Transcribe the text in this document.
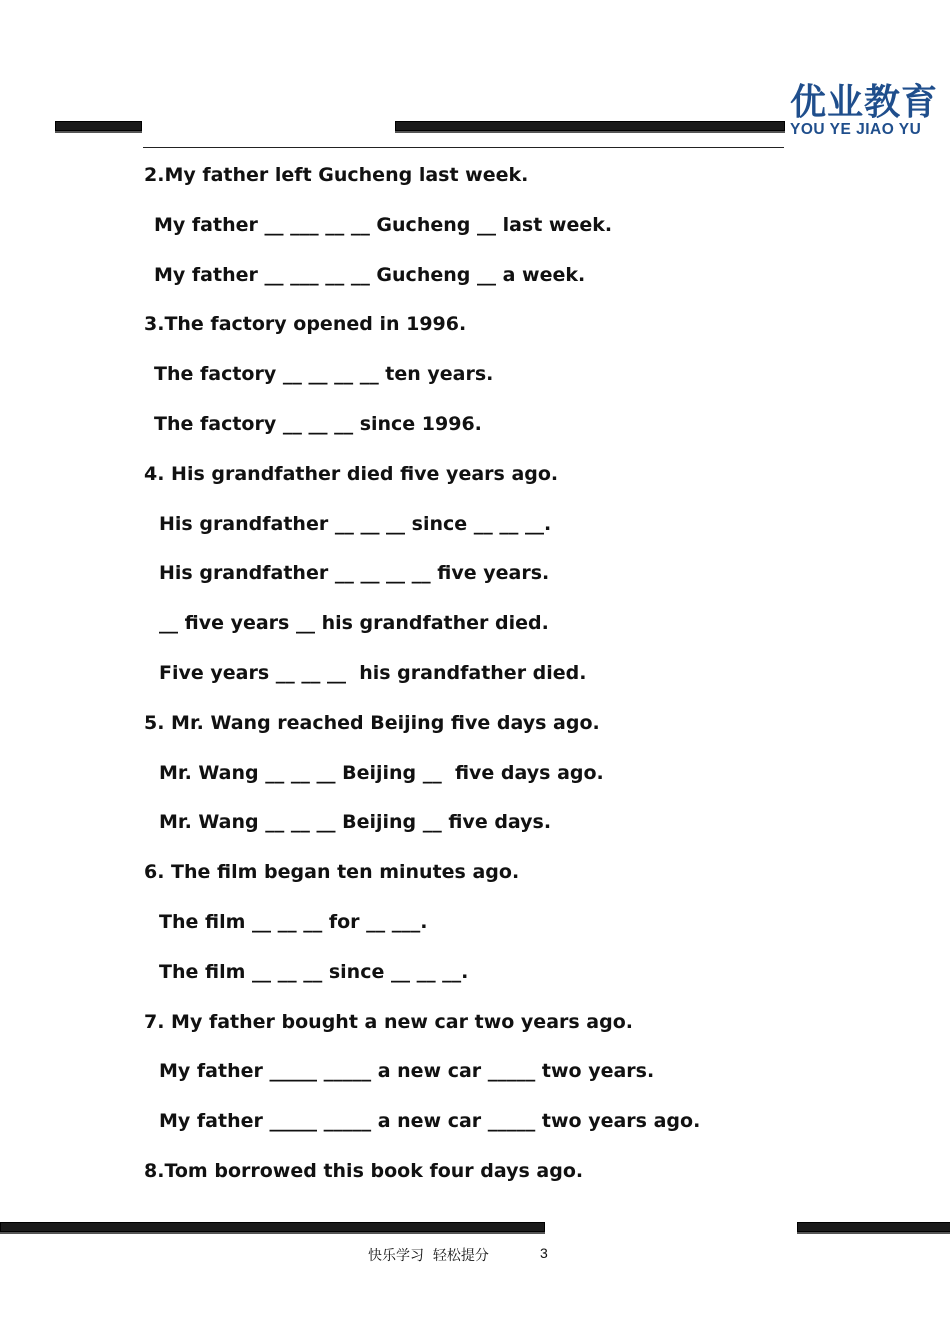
优业教育
YOU YE JIAO YU
2.My father left Gucheng last week.
My father __ ___ __ __ Gucheng __ last week.
My father __ ___ __ __ Gucheng __ a week.
3.The factory opened in 1996.
The factory __ __ __ __ ten years.
The factory __ __ __ since 1996.
4. His grandfather died five years ago.
His grandfather __ __ __ since __ __ __.
His grandfather __ __ __ __ five years.
__ five years __ his grandfather died.
Five years __ __ __  his grandfather died.
5. Mr. Wang reached Beijing five days ago.
Mr. Wang __ __ __ Beijing __  five days ago.
Mr. Wang __ __ __ Beijing __ five days.
6. The film began ten minutes ago.
The film __ __ __ for __ ___.
The film __ __ __ since __ __ __.
7. My father bought a new car two years ago.
My father _____ _____ a new car _____ two years.
My father _____ _____ a new car _____ two years ago.
8.Tom borrowed this book four days ago.
快乐学习  轻松提分	3
